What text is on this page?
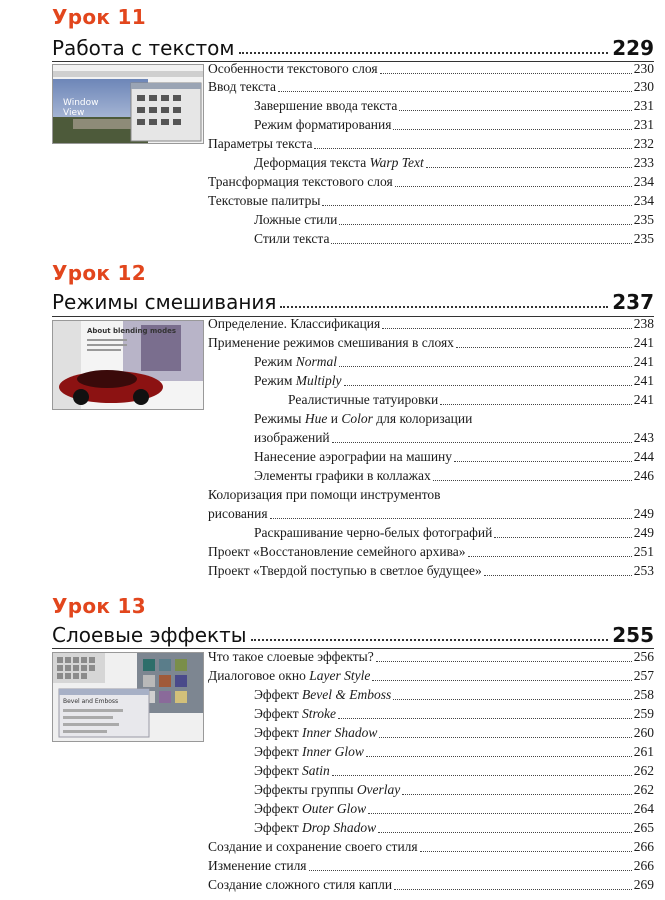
Урок 11
Работа с текстом	229
Window
View
Особенности текстового слоя	230
Ввод текста	230
Завершение ввода текста	231
Режим форматирования	231
Параметры текста	232
Деформация текста Warp Text	233
Трансформация текстового слоя	234
Текстовые палитры	234
Ложные стили	235
Стили текста	235
Урок 12
Режимы смешивания	237
About blending modes Определение. Классификация	238
Применение режимов смешивания в слоях	241
Режим Normal	241
Режим Multiply	241
Реалистичные татуировки	241
Режимы Hue и Color для колоризации
изображений	243
Нанесение аэрографии на машину	244
Элементы графики в коллажах	246
Колоризация при помощи инструментов
рисования	249
Раскрашивание черно-белых фотографий	249
Проект «Восстановление семейного архива»	251
Проект «Твердой поступью в светлое будущее»	253
Урок 13
Слоевые эффекты	255
Bevel and Emboss
Что такое слоевые эффекты?	256
Диалоговое окно Layer Style	257
Эффект Bevel & Emboss	258
Эффект Stroke	259
Эффект Inner Shadow	260
Эффект Inner Glow	261
Эффект Satin	262
Эффекты группы Overlay	262
Эффект Outer Glow	264
Эффект Drop Shadow	265
Создание и сохранение своего стиля	266
Изменение стиля	266
Создание сложного стиля капли	269
